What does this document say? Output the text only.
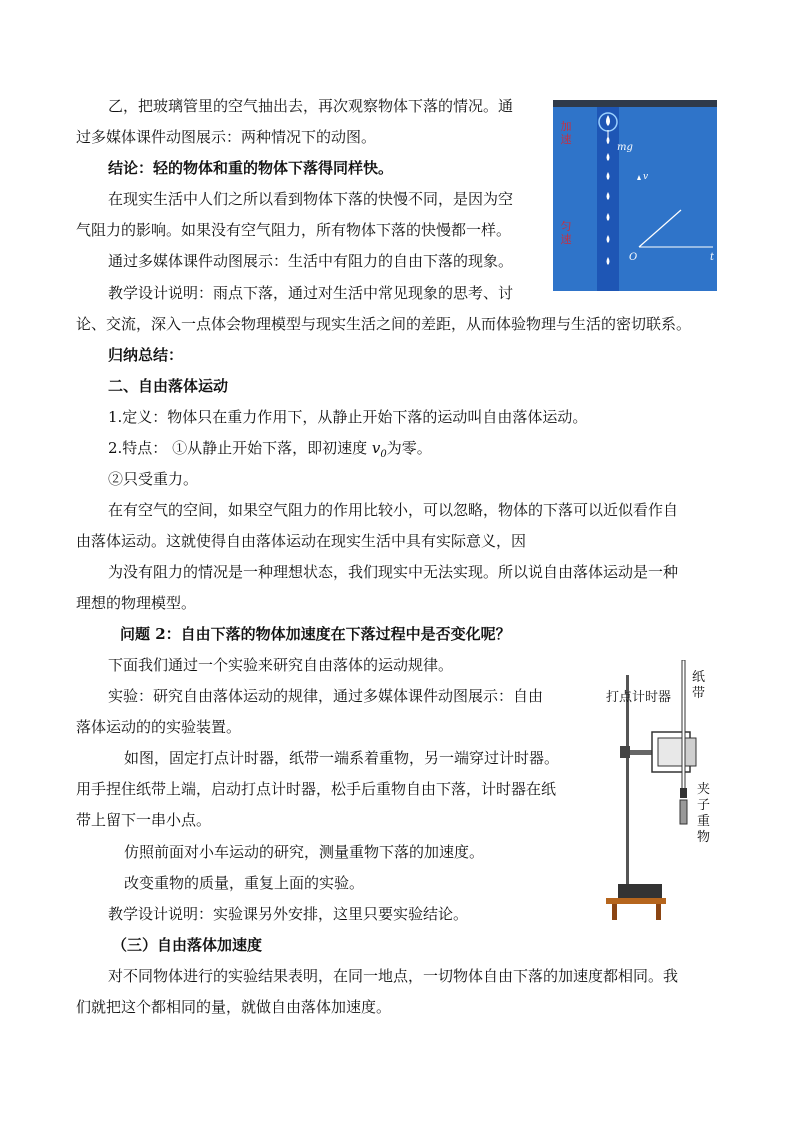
乙，把玻璃管里的空气抽出去，再次观察物体下落的情况。通
过多媒体课件动图展示：两种情况下的动图。
结论：轻的物体和重的物体下落得同样快。
在现实生活中人们之所以看到物体下落的快慢不同，是因为空
气阻力的影响。如果没有空气阻力，所有物体下落的快慢都一样。
通过多媒体课件动图展示：生活中有阻力的自由下落的现象。
教学设计说明：雨点下落，通过对生活中常见现象的思考、讨
论、交流，深入一点体会物理模型与现实生活之间的差距，从而体验物理与生活的密切联系。
归纳总结：
二、自由落体运动
1.定义：物体只在重力作用下，从静止开始下落的运动叫自由落体运动。
2.特点： ①从静止开始下落，即初速度 $v_0$为零。
②只受重力。
在有空气的空间，如果空气阻力的作用比较小，可以忽略，物体的下落可以近似看作自
由落体运动。这就使得自由落体运动在现实生活中具有实际意义，因
为没有阻力的情况是一种理想状态，我们现实中无法实现。所以说自由落体运动是一种
理想的物理模型。
问题 2：自由下落的物体加速度在下落过程中是否变化呢？
下面我们通过一个实验来研究自由落体的运动规律。
实验：研究自由落体运动的规律，通过多媒体课件动图展示：自由
落体运动的的实验装置。
如图，固定打点计时器，纸带一端系着重物，另一端穿过计时器。
用手捏住纸带上端，启动打点计时器，松手后重物自由下落，计时器在纸
带上留下一串小点。
仿照前面对小车运动的研究，测量重物下落的加速度。
改变重物的质量，重复上面的实验。
教学设计说明：实验课另外安排，这里只要实验结论。
（三）自由落体加速度
对不同物体进行的实验结果表明，在同一地点，一切物体自由下落的加速度都相同。我
们就把这个都相同的量，就做自由落体加速度。
mg
v
O	t
加速
匀速
打点计时器
纸带
夹子
重物
